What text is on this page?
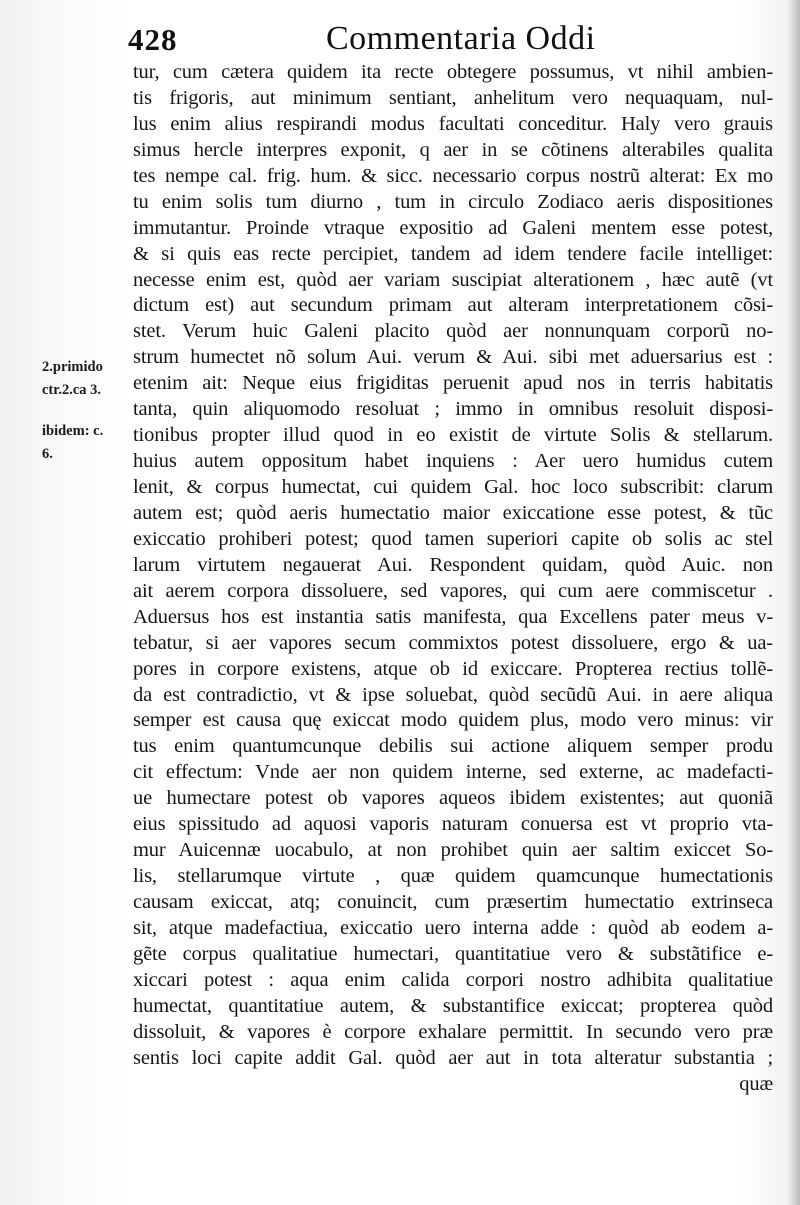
428	Commentaria Oddi
2.primido
ctr.2.ca 3.
ibidem: c.
6.
tur, cum cætera quidem ita recte obtegere possumus, vt nihil ambien-
tis frigoris, aut minimum sentiant, anhelitum vero nequaquam, nul-
lus enim alius respirandi modus facultati conceditur. Haly vero grauis
simus hercle interpres exponit, q aer in se cõtinens alterabiles qualita
tes nempe cal. frig. hum. & sicc. necessario corpus nostrũ alterat: Ex mo
tu enim solis tum diurno , tum in circulo Zodiaco aeris dispositiones
immutantur. Proinde vtraque expositio ad Galeni mentem esse potest,
& si quis eas recte percipiet, tandem ad idem tendere facile intelliget:
necesse enim est, quòd aer variam suscipiat alterationem , hæc autẽ (vt
dictum est) aut secundum primam aut alteram interpretationem cõsi-
stet. Verum huic Galeni placito quòd aer nonnunquam corporũ no-
strum humectet nõ solum Aui. verum & Aui. sibi met aduersarius est :
etenim ait: Neque eius frigiditas peruenit apud nos in terris habitatis
tanta, quin aliquomodo resoluat ; immo in omnibus resoluit disposi-
tionibus propter illud quod in eo existit de virtute Solis & stellarum.
huius autem oppositum habet inquiens : Aer uero humidus cutem
lenit, & corpus humectat, cui quidem Gal. hoc loco subscribit: clarum
autem est; quòd aeris humectatio maior exiccatione esse potest, & tũc
exiccatio prohiberi potest; quod tamen superiori capite ob solis ac stel
larum virtutem negauerat Aui. Respondent quidam, quòd Auic. non
ait aerem corpora dissoluere, sed vapores, qui cum aere commiscetur .
Aduersus hos est instantia satis manifesta, qua Excellens pater meus v-
tebatur, si aer vapores secum commixtos potest dissoluere, ergo & ua-
pores in corpore existens, atque ob id exiccare. Propterea rectius tollẽ-
da est contradictio, vt & ipse soluebat, quòd secũdũ Aui. in aere aliqua
semper est causa quę exiccat modo quidem plus, modo vero minus: vir
tus enim quantumcunque debilis sui actione aliquem semper produ
cit effectum: Vnde aer non quidem interne, sed externe, ac madefacti-
ue humectare potest ob vapores aqueos ibidem existentes; aut quoniã
eius spissitudo ad aquosi vaporis naturam conuersa est vt proprio vta-
mur Auicennæ uocabulo, at non prohibet quin aer saltim exiccet So-
lis, stellarumque virtute , quæ quidem quamcunque humectationis
causam exiccat, atq; conuincit, cum præsertim humectatio extrinseca
sit, atque madefactiua, exiccatio uero interna adde : quòd ab eodem a-
gẽte corpus qualitatiue humectari, quantitatiue vero & substãtifice e-
xiccari potest : aqua enim calida corpori nostro adhibita qualitatiue
humectat, quantitatiue autem, & substantifice exiccat; propterea quòd
dissoluit, & vapores è corpore exhalare permittit. In secundo vero præ
sentis loci capite addit Gal. quòd aer aut in tota alteratur substantia ;
quæ
